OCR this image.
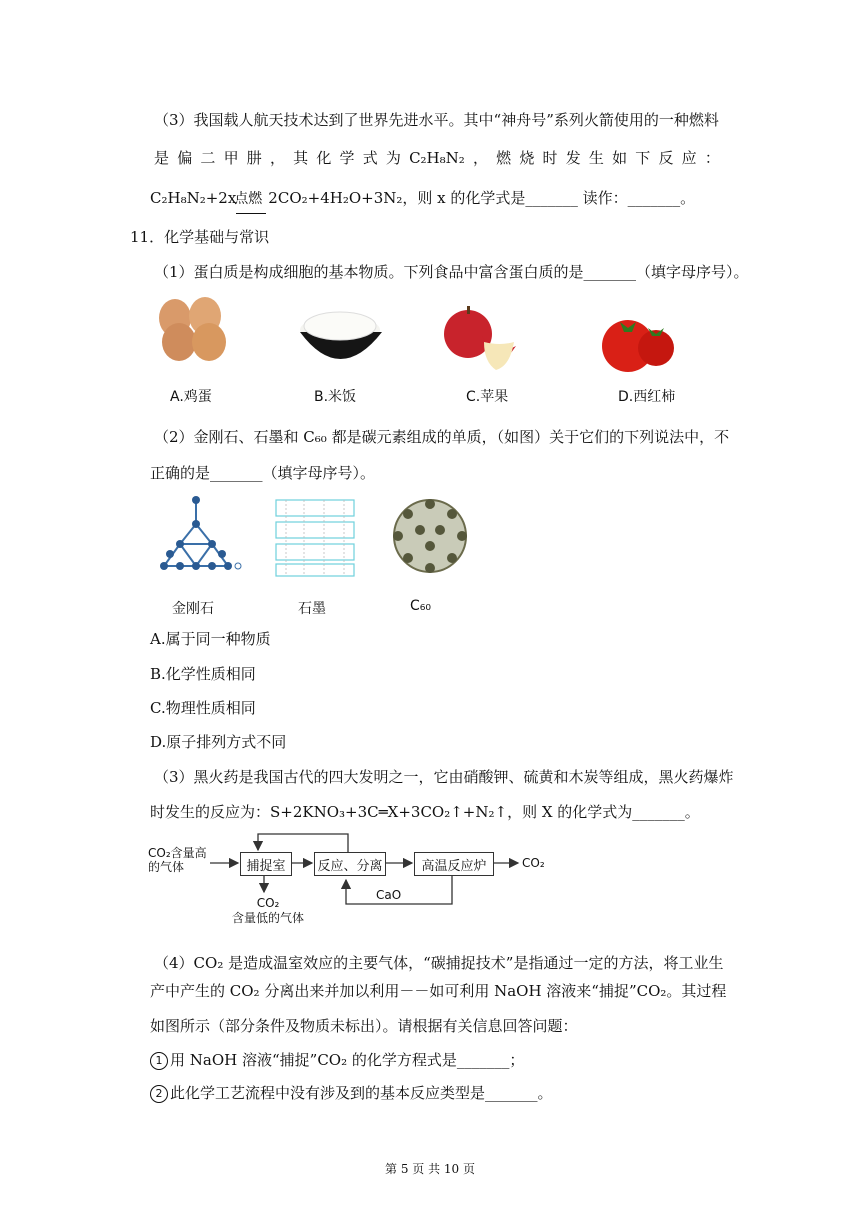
（3）我国载人航天技术达到了世界先进水平。其中“神舟号”系列火箭使用的一种燃料
是 偏 二 甲 肼 ， 其 化 学 式 为 C₂H₈N₂ ， 燃 烧 时 发 生 如 下 反 应 ：
C₂H₈N₂+2x
点燃 2CO₂+4H₂O+3N₂，则 x 的化学式是_______ 读作：_______。
11．化学基础与常识
（1）蛋白质是构成细胞的基本物质。下列食品中富含蛋白质的是_______（填字母序号）。
A.鸡蛋	B.米饭	C.苹果	D.西红柿
（2）金刚石、石墨和 C₆₀ 都是碳元素组成的单质，（如图）关于它们的下列说法中，不
正确的是_______（填字母序号）。
金刚石	石墨	C₆₀
A.属于同一种物质
B.化学性质相同
C.物理性质相同
D.原子排列方式不同
（3）黑火药是我国古代的四大发明之一，它由硝酸钾、硫黄和木炭等组成，黑火药爆炸
时发生的反应为：S+2KNO₃+3C═X+3CO₂↑+N₂↑，则 X 的化学式为_______。
CO₂含量高
的气体	捕捉室	反应、分离	高温反应炉	CO₂
CO₂
含量低的气体
CaO
（4）CO₂ 是造成温室效应的主要气体，“碳捕捉技术”是指通过一定的方法，将工业生
产中产生的 CO₂ 分离出来并加以利用－－如可利用 NaOH 溶液来“捕捉”CO₂。其过程
如图所示（部分条件及物质未标出）。请根据有关信息回答问题：
1 用 NaOH 溶液“捕捉”CO₂ 的化学方程式是_______；
2 此化学工艺流程中没有涉及到的基本反应类型是_______。
第 5 页 共 10 页
